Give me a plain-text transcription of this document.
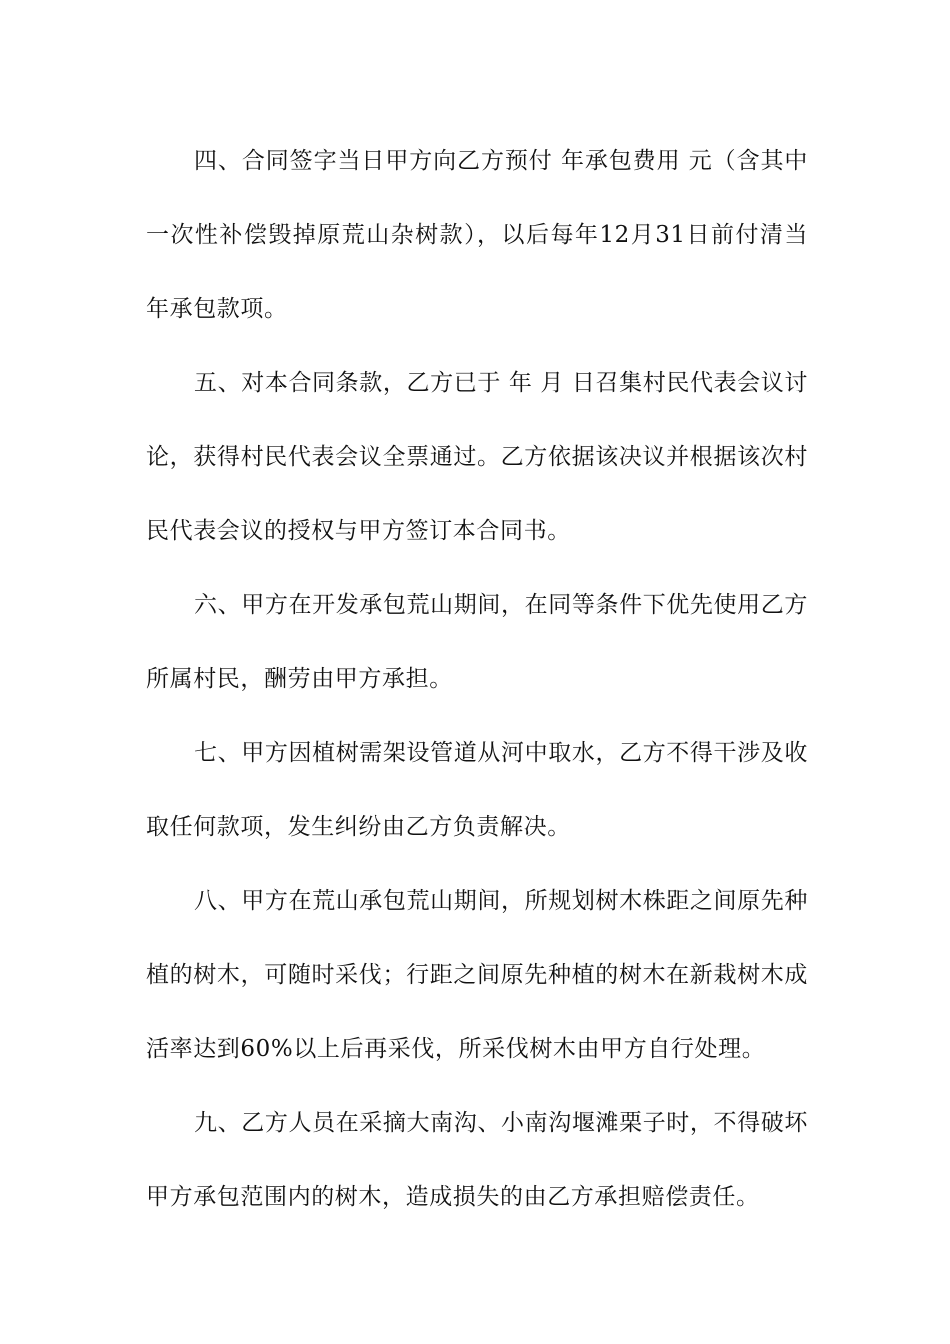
四、合同签字当日甲方向乙方预付 年承包费用 元（含其中一次性补偿毁掉原荒山杂树款），以后每年12月31日前付清当年承包款项。

五、对本合同条款，乙方已于 年 月 日召集村民代表会议讨论，获得村民代表会议全票通过。乙方依据该决议并根据该次村民代表会议的授权与甲方签订本合同书。

六、甲方在开发承包荒山期间，在同等条件下优先使用乙方所属村民，酬劳由甲方承担。

七、甲方因植树需架设管道从河中取水，乙方不得干涉及收取任何款项，发生纠纷由乙方负责解决。

八、甲方在荒山承包荒山期间，所规划树木株距之间原先种植的树木，可随时采伐；行距之间原先种植的树木在新栽树木成活率达到60%以上后再采伐，所采伐树木由甲方自行处理。

九、乙方人员在采摘大南沟、小南沟堰滩栗子时，不得破坏甲方承包范围内的树木，造成损失的由乙方承担赔偿责任。
